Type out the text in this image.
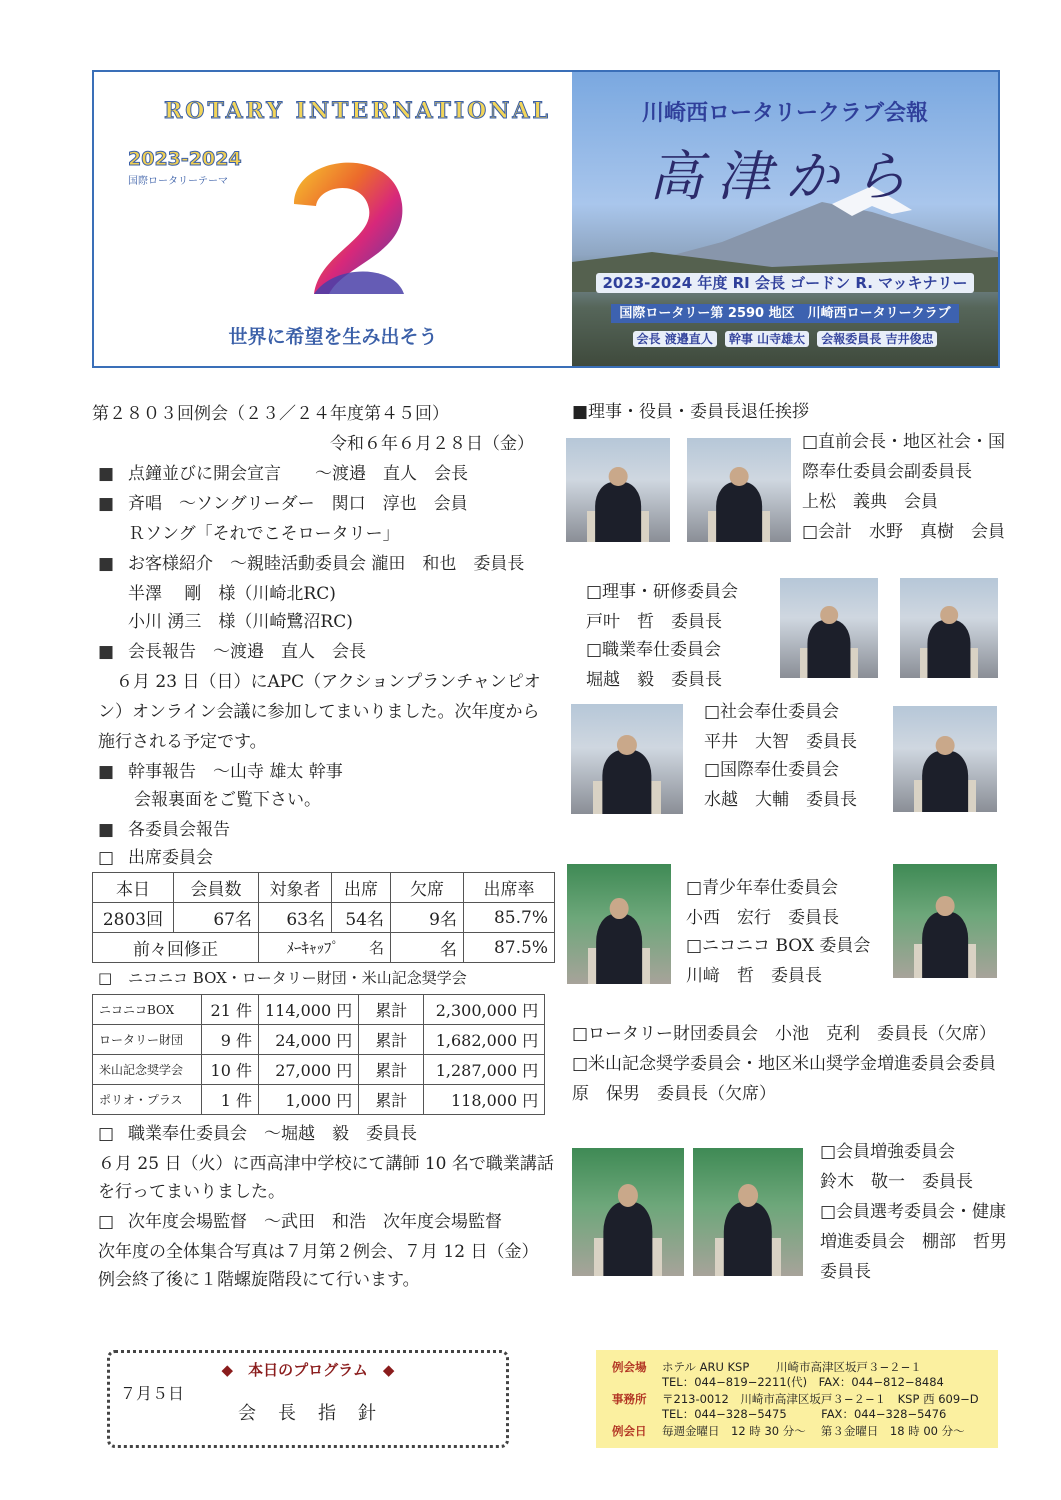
ROTARY INTERNATIONAL
2023-2024
国際ロータリーテーマ
世界に希望を生み出そう
川崎西ロータリークラブ会報
高津から
2023-2024 年度 RI 会長 ゴードン R. マッキナリー
国際ロータリー第 2590 地区　川崎西ロータリークラブ
会長 渡邉直人 幹事 山寺雄太 会報委員長 吉井俊忠
第２８０３回例会（２３／２４年度第４５回）
令和６年６月２８日（金）
■ 点鐘並びに開会宣言　　～渡邉　直人　会長
■ 斉唱　～ソングリーダー　関口　淳也　会員
Ｒソング「それでこそロータリー」
■ お客様紹介　～親睦活動委員会 瀧田　和也　委員長
半澤　 剛　様（川崎北RC)
小川 湧三　様（川崎鷺沼RC)
■ 会長報告　～渡邉　直人　会長
６月 23 日（日）にAPC（アクションプランチャンピオ
ン）オンライン会議に参加してまいりました。次年度から
施行される予定です。
■ 幹事報告　～山寺 雄太 幹事
会報裏面をご覧下さい。
■ 各委員会報告
□ 出席委員会
本日	会員数	対象者	出席	欠席	出席率
2803回	67名	63名	54名	9名	85.7%
前々回修正		ﾒｰｷｬｯﾌﾟ　　名		名	87.5%
□ ニコニコ BOX・ロータリー財団・米山記念奨学会
ニコニコBOX	21 件	114,000 円	累計	2,300,000 円
ロータリー財団	9 件	24,000 円	累計	1,682,000 円
米山記念奨学会	10 件	27,000 円	累計	1,287,000 円
ポリオ・プラス	1 件	1,000 円	累計	118,000 円
□ 職業奉仕委員会　～堀越　毅　委員長
６月 25 日（火）に西高津中学校にて講師 10 名で職業講話
を行ってまいりました。
□ 次年度会場監督　～武田　和浩　次年度会場監督
次年度の全体集合写真は７月第２例会、７月 12 日（金）
例会終了後に１階螺旋階段にて行います。
■理事・役員・委員長退任挨拶
□直前会長・地区社会・国
際奉仕委員会副委員長
上松　義典　会員
□会計　水野　真樹　会員
□理事・研修委員会
戸叶　哲　委員長
□職業奉仕委員会
堀越　毅　委員長
□社会奉仕委員会
平井　大智　委員長
□国際奉仕委員会
水越　大輔　委員長
□青少年奉仕委員会
小西　宏行　委員長
□ニコニコ BOX 委員会
川﨑　哲　委員長
□ロータリー財団委員会　小池　克利　委員長（欠席）
□米山記念奨学委員会・地区米山奨学金増進委員会委員
原　保男　委員長（欠席）
□会員増強委員会
鈴木　敬一　委員長
□会員選考委員会・健康
増進委員会　棚部　哲男
委員長
◆　本日のプログラム　◆
７月５日
会　長　指　針
例会場 ホテル ARU KSP　　 川崎市高津区坂戸３−２−１
TEL：044−819−2211(代)　FAX：044−812−8484
事務所 〒213-0012　川崎市高津区坂戸３−２−１　KSP 西 609−D
TEL：044−328−5475　　　FAX：044−328−5476
例会日 毎週金曜日　12 時 30 分〜　 第３金曜日　18 時 00 分〜
